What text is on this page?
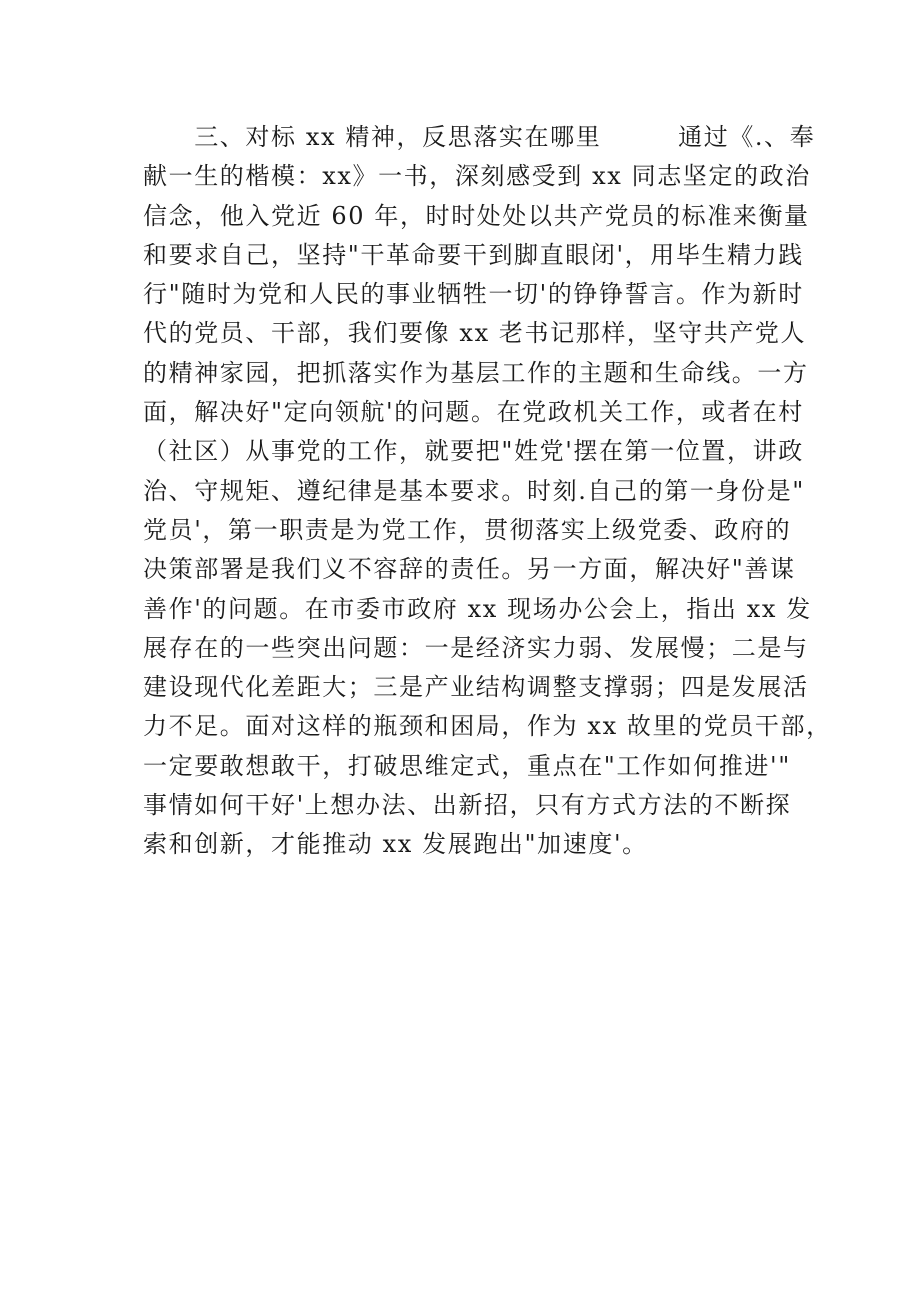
　　三、对标 xx 精神，反思落实在哪里　　　通过《.、奉
献一生的楷模：xx》一书，深刻感受到 xx 同志坚定的政治
信念，他入党近 60 年，时时处处以共产党员的标准来衡量
和要求自己，坚持"干革命要干到脚直眼闭'，用毕生精力践
行"随时为党和人民的事业牺牲一切'的铮铮誓言。作为新时
代的党员、干部，我们要像 xx 老书记那样，坚守共产党人
的精神家园，把抓落实作为基层工作的主题和生命线。一方
面，解决好"定向领航'的问题。在党政机关工作，或者在村
（社区）从事党的工作，就要把"姓党'摆在第一位置，讲政
治、守规矩、遵纪律是基本要求。时刻.自己的第一身份是"
党员'，第一职责是为党工作，贯彻落实上级党委、政府的
决策部署是我们义不容辞的责任。另一方面，解决好"善谋
善作'的问题。在市委市政府 xx 现场办公会上，指出 xx 发
展存在的一些突出问题：一是经济实力弱、发展慢；二是与
建设现代化差距大；三是产业结构调整支撑弱；四是发展活
力不足。面对这样的瓶颈和困局，作为 xx 故里的党员干部，
一定要敢想敢干，打破思维定式，重点在"工作如何推进'"
事情如何干好'上想办法、出新招，只有方式方法的不断探
索和创新，才能推动 xx 发展跑出"加速度'。
